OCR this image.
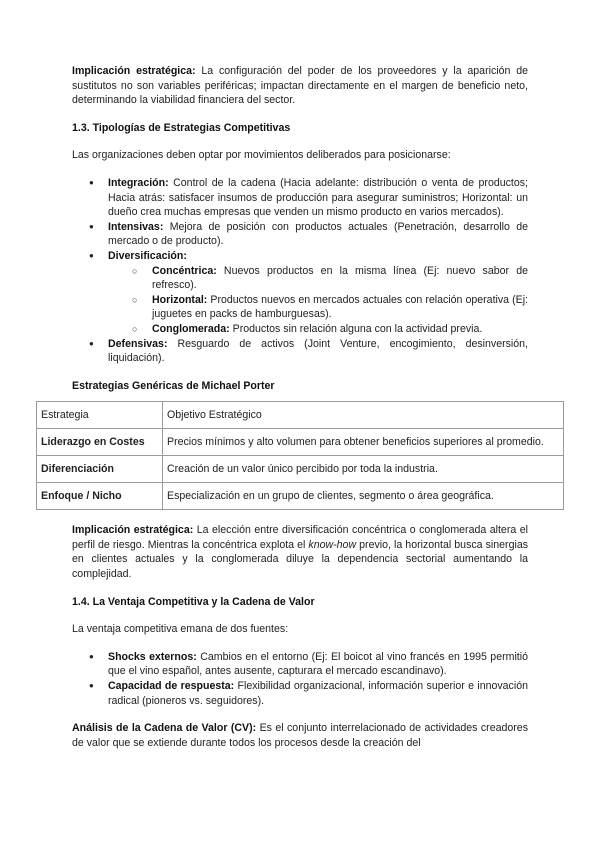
Implicación estratégica: La configuración del poder de los proveedores y la aparición de sustitutos no son variables periféricas; impactan directamente en el margen de beneficio neto, determinando la viabilidad financiera del sector.

1.3. Tipologías de Estrategias Competitivas

Las organizaciones deben optar por movimientos deliberados para posicionarse:

● Integración: Control de la cadena (Hacia adelante: distribución o venta de productos; Hacia atrás: satisfacer insumos de producción para asegurar suministros; Horizontal: un dueño crea muchas empresas que venden un mismo producto en varios mercados).
● Intensivas: Mejora de posición con productos actuales (Penetración, desarrollo de mercado o de producto).
● Diversificación:
○ Concéntrica: Nuevos productos en la misma línea (Ej: nuevo sabor de refresco).
○ Horizontal: Productos nuevos en mercados actuales con relación operativa (Ej: juguetes en packs de hamburguesas).
○ Conglomerada: Productos sin relación alguna con la actividad previa.
● Defensivas: Resguardo de activos (Joint Venture, encogimiento, desinversión, liquidación).

Estrategias Genéricas de Michael Porter

Estrategia	Objetivo Estratégico
Liderazgo en Costes	Precios mínimos y alto volumen para obtener beneficios superiores al promedio.
Diferenciación	Creación de un valor único percibido por toda la industria.
Enfoque / Nicho	Especialización en un grupo de clientes, segmento o área geográfica.

Implicación estratégica: La elección entre diversificación concéntrica o conglomerada altera el perfil de riesgo. Mientras la concéntrica explota el know-how previo, la horizontal busca sinergias en clientes actuales y la conglomerada diluye la dependencia sectorial aumentando la complejidad.

1.4. La Ventaja Competitiva y la Cadena de Valor

La ventaja competitiva emana de dos fuentes:

● Shocks externos: Cambios en el entorno (Ej: El boicot al vino francés en 1995 permitió que el vino español, antes ausente, capturara el mercado escandinavo).
● Capacidad de respuesta: Flexibilidad organizacional, información superior e innovación radical (pioneros vs. seguidores).

Análisis de la Cadena de Valor (CV): Es el conjunto interrelacionado de actividades creadores de valor que se extiende durante todos los procesos desde la creación del
